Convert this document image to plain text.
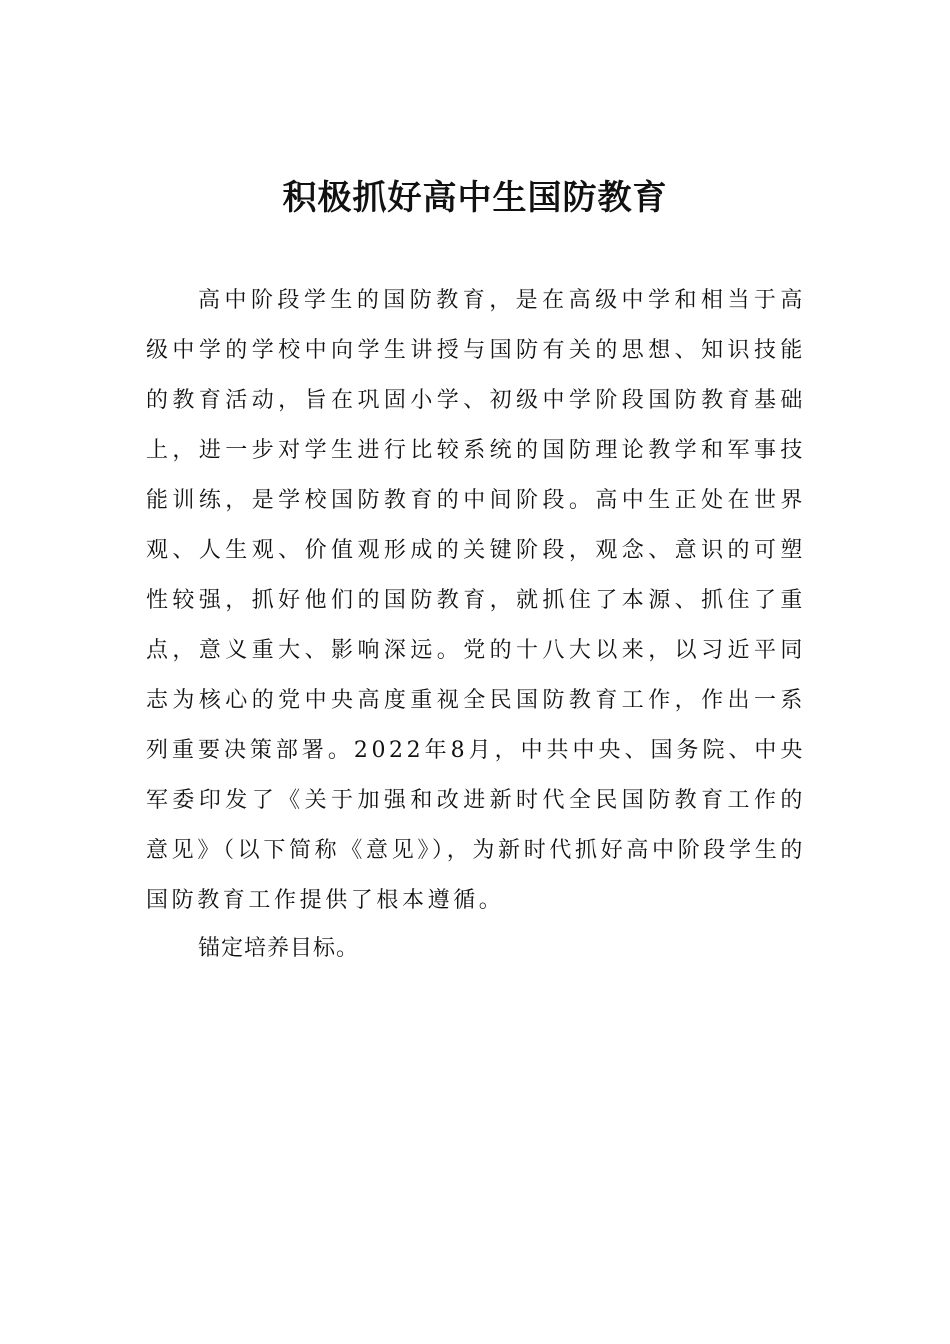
积极抓好高中生国防教育

高中阶段学生的国防教育，是在高级中学和相当于高级中学的学校中向学生讲授与国防有关的思想、知识技能的教育活动，旨在巩固小学、初级中学阶段国防教育基础上，进一步对学生进行比较系统的国防理论教学和军事技能训练，是学校国防教育的中间阶段。高中生正处在世界观、人生观、价值观形成的关键阶段，观念、意识的可塑性较强，抓好他们的国防教育，就抓住了本源、抓住了重点，意义重大、影响深远。党的十八大以来，以习近平同志为核心的党中央高度重视全民国防教育工作，作出一系列重要决策部署。2022年8月，中共中央、国务院、中央军委印发了《关于加强和改进新时代全民国防教育工作的意见》（以下简称《意见》），为新时代抓好高中阶段学生的国防教育工作提供了根本遵循。

锚定培养目标。
